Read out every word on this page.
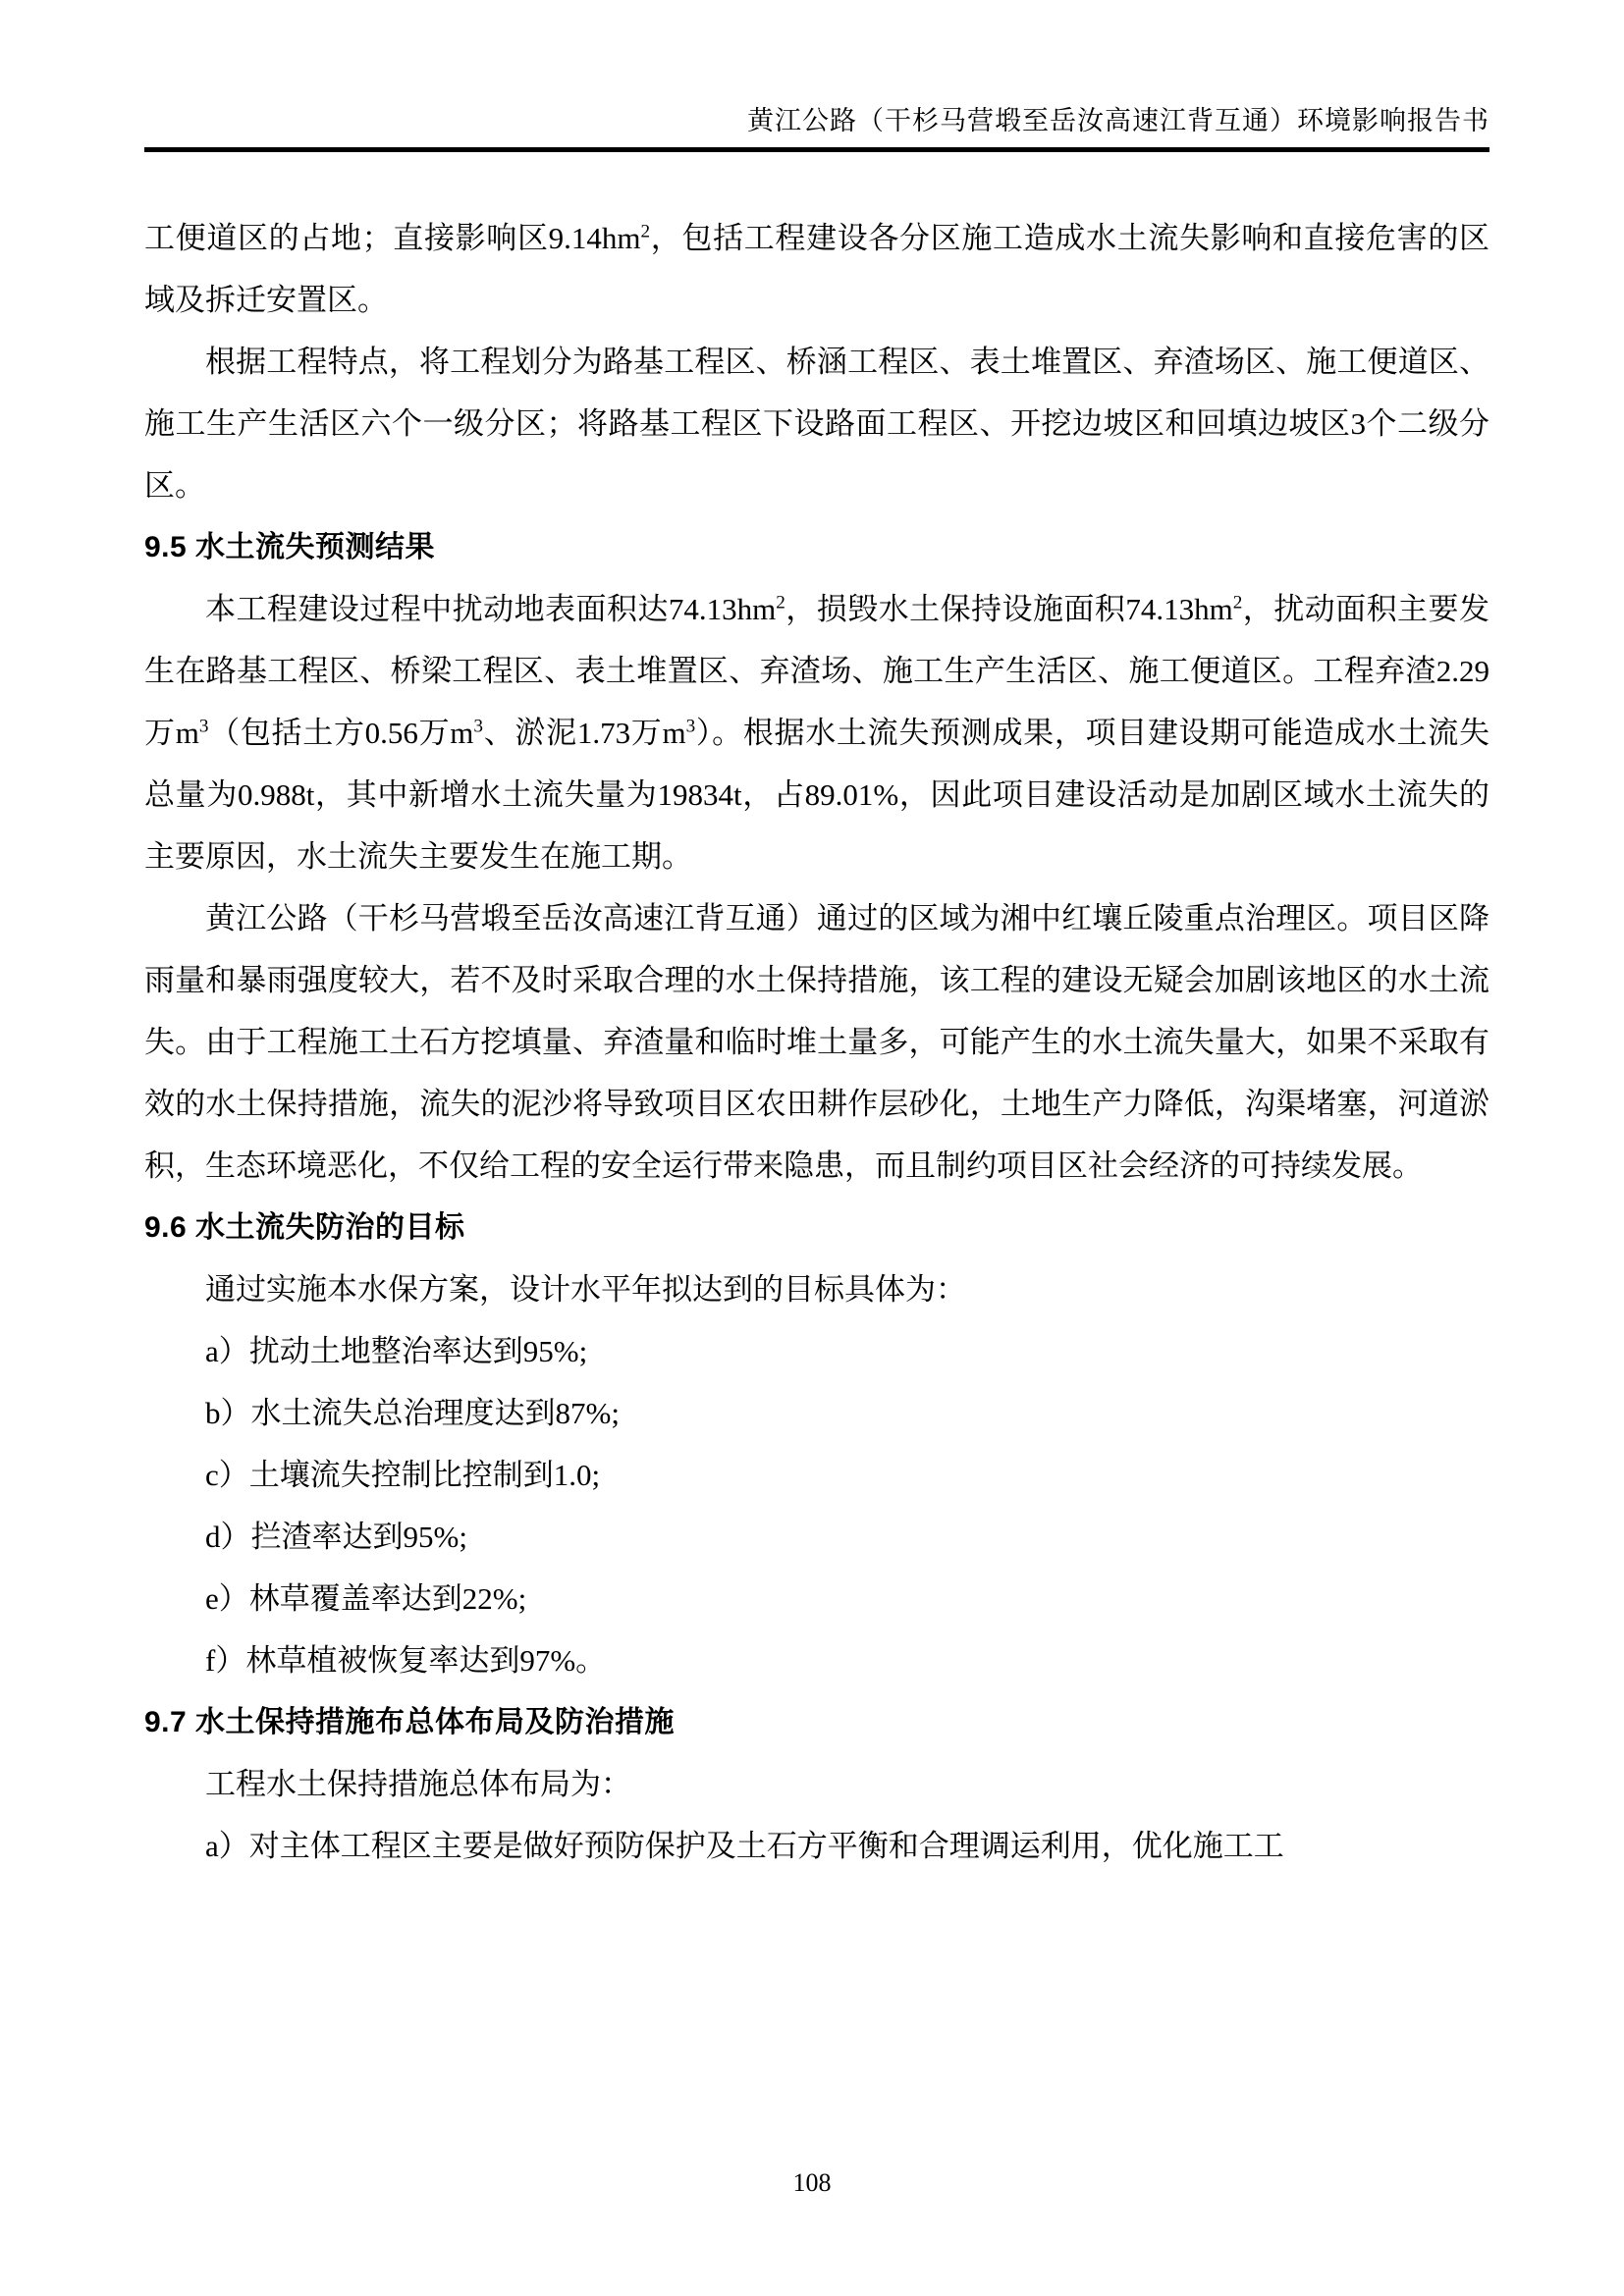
黄江公路（干杉马营塅至岳汝高速江背互通）环境影响报告书

工便道区的占地；直接影响区$9.14hm^2$，包括工程建设各分区施工造成水土流失影响和直接危害的区域及拆迁安置区。

根据工程特点，将工程划分为路基工程区、桥涵工程区、表土堆置区、弃渣场区、施工便道区、施工生产生活区六个一级分区；将路基工程区下设路面工程区、开挖边坡区和回填边坡区3个二级分区。

9.5 水土流失预测结果

本工程建设过程中扰动地表面积达$74.13hm^2$，损毁水土保持设施面积$74.13hm^2$，扰动面积主要发生在路基工程区、桥梁工程区、表土堆置区、弃渣场、施工生产生活区、施工便道区。工程弃渣2.29万$m^3$（包括土方0.56万$m^3$、淤泥1.73万$m^3$）。根据水土流失预测成果，项目建设期可能造成水土流失总量为0.988t，其中新增水土流失量为19834t，占89.01%，因此项目建设活动是加剧区域水土流失的主要原因，水土流失主要发生在施工期。

黄江公路（干杉马营塅至岳汝高速江背互通）通过的区域为湘中红壤丘陵重点治理区。项目区降雨量和暴雨强度较大，若不及时采取合理的水土保持措施，该工程的建设无疑会加剧该地区的水土流失。由于工程施工土石方挖填量、弃渣量和临时堆土量多，可能产生的水土流失量大，如果不采取有效的水土保持措施，流失的泥沙将导致项目区农田耕作层砂化，土地生产力降低，沟渠堵塞，河道淤积，生态环境恶化，不仅给工程的安全运行带来隐患，而且制约项目区社会经济的可持续发展。

9.6 水土流失防治的目标

通过实施本水保方案，设计水平年拟达到的目标具体为：

a）扰动土地整治率达到95%;

b）水土流失总治理度达到87%;

c）土壤流失控制比控制到1.0;

d）拦渣率达到95%;

e）林草覆盖率达到22%;

f）林草植被恢复率达到97%。

9.7 水土保持措施布总体布局及防治措施

工程水土保持措施总体布局为：

a）对主体工程区主要是做好预防保护及土石方平衡和合理调运利用，优化施工工

108
